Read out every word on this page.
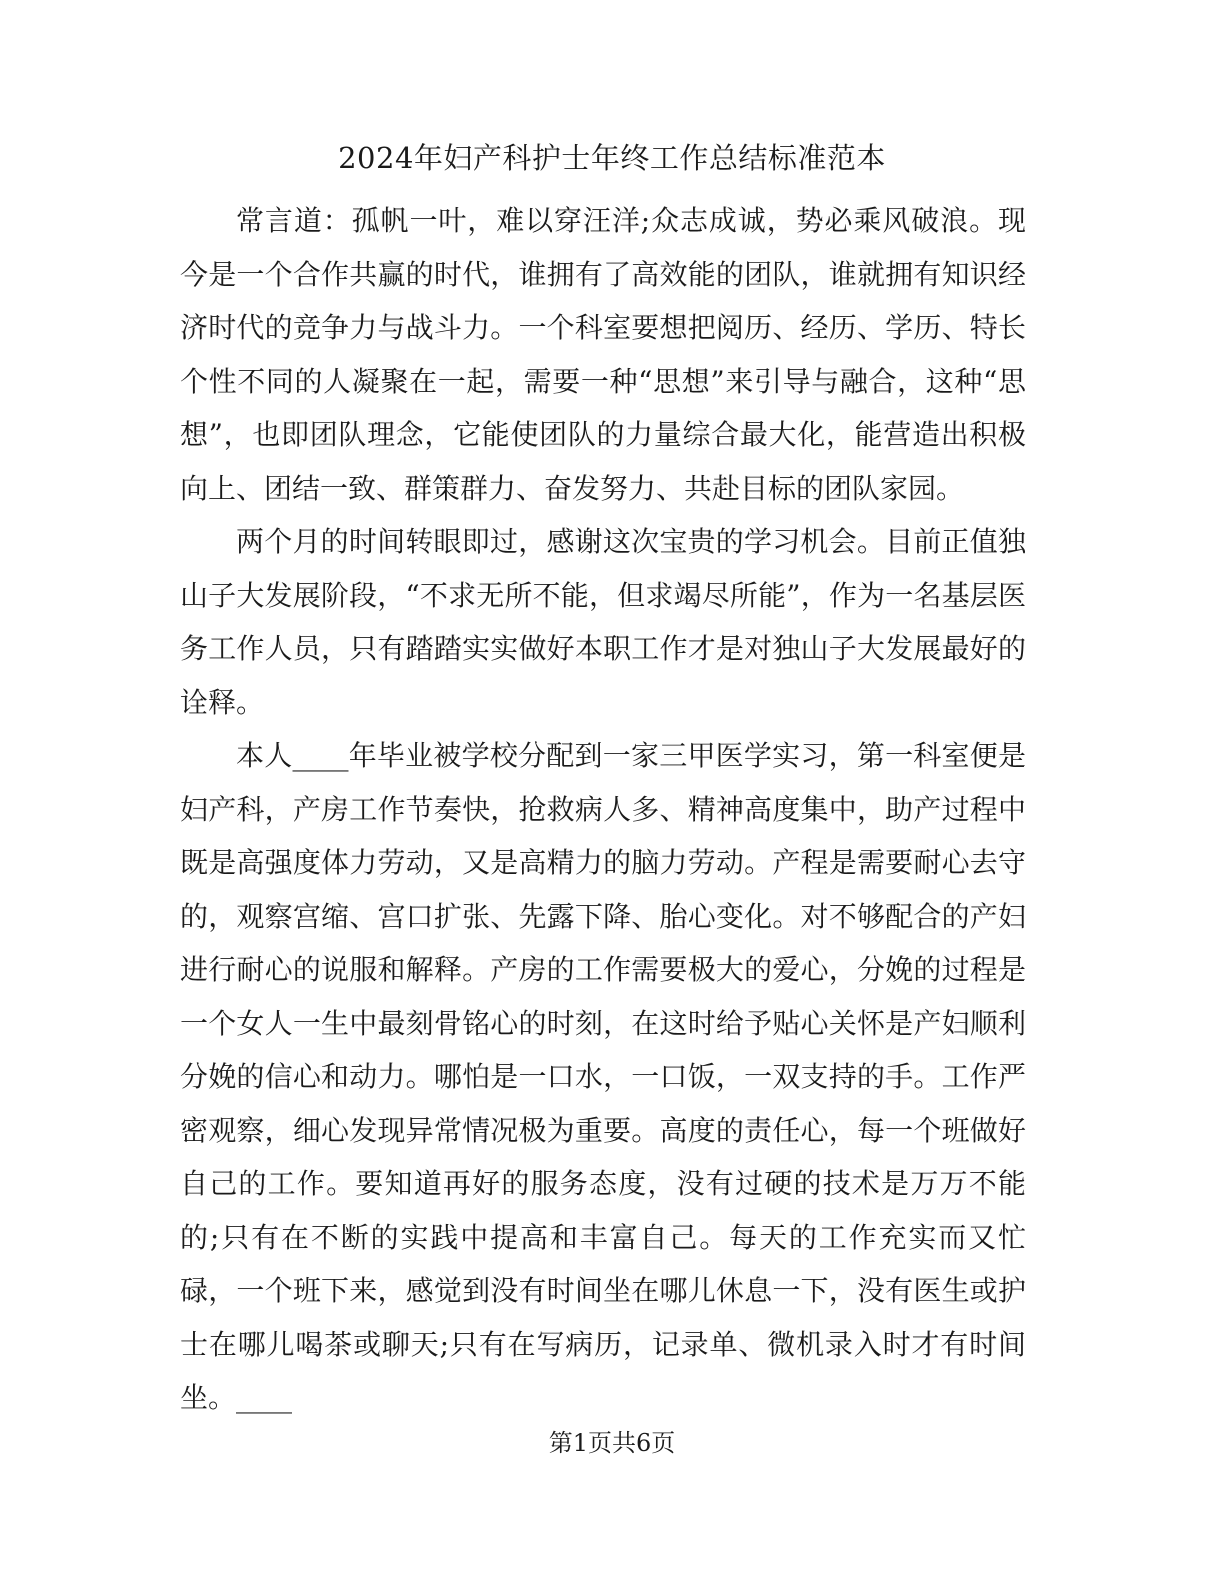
2024年妇产科护士年终工作总结标准范本

常言道：孤帆一叶，难以穿汪洋;众志成诚，势必乘风破浪。现今是一个合作共赢的时代，谁拥有了高效能的团队，谁就拥有知识经济时代的竞争力与战斗力。一个科室要想把阅历、经历、学历、特长个性不同的人凝聚在一起，需要一种“思想”来引导与融合，这种“思想”，也即团队理念，它能使团队的力量综合最大化，能营造出积极向上、团结一致、群策群力、奋发努力、共赴目标的团队家园。

两个月的时间转眼即过，感谢这次宝贵的学习机会。目前正值独山子大发展阶段，“不求无所不能，但求竭尽所能”，作为一名基层医务工作人员，只有踏踏实实做好本职工作才是对独山子大发展最好的诠释。

本人____年毕业被学校分配到一家三甲医学实习，第一科室便是妇产科，产房工作节奏快，抢救病人多、精神高度集中，助产过程中既是高强度体力劳动，又是高精力的脑力劳动。产程是需要耐心去守的，观察宫缩、宫口扩张、先露下降、胎心变化。对不够配合的产妇进行耐心的说服和解释。产房的工作需要极大的爱心，分娩的过程是一个女人一生中最刻骨铭心的时刻，在这时给予贴心关怀是产妇顺利分娩的信心和动力。哪怕是一口水，一口饭，一双支持的手。工作严密观察，细心发现异常情况极为重要。高度的责任心，每一个班做好自己的工作。要知道再好的服务态度，没有过硬的技术是万万不能的;只有在不断的实践中提高和丰富自己。每天的工作充实而又忙碌，一个班下来，感觉到没有时间坐在哪儿休息一下，没有医生或护士在哪儿喝茶或聊天;只有在写病历，记录单、微机录入时才有时间坐。____

第1页共6页
